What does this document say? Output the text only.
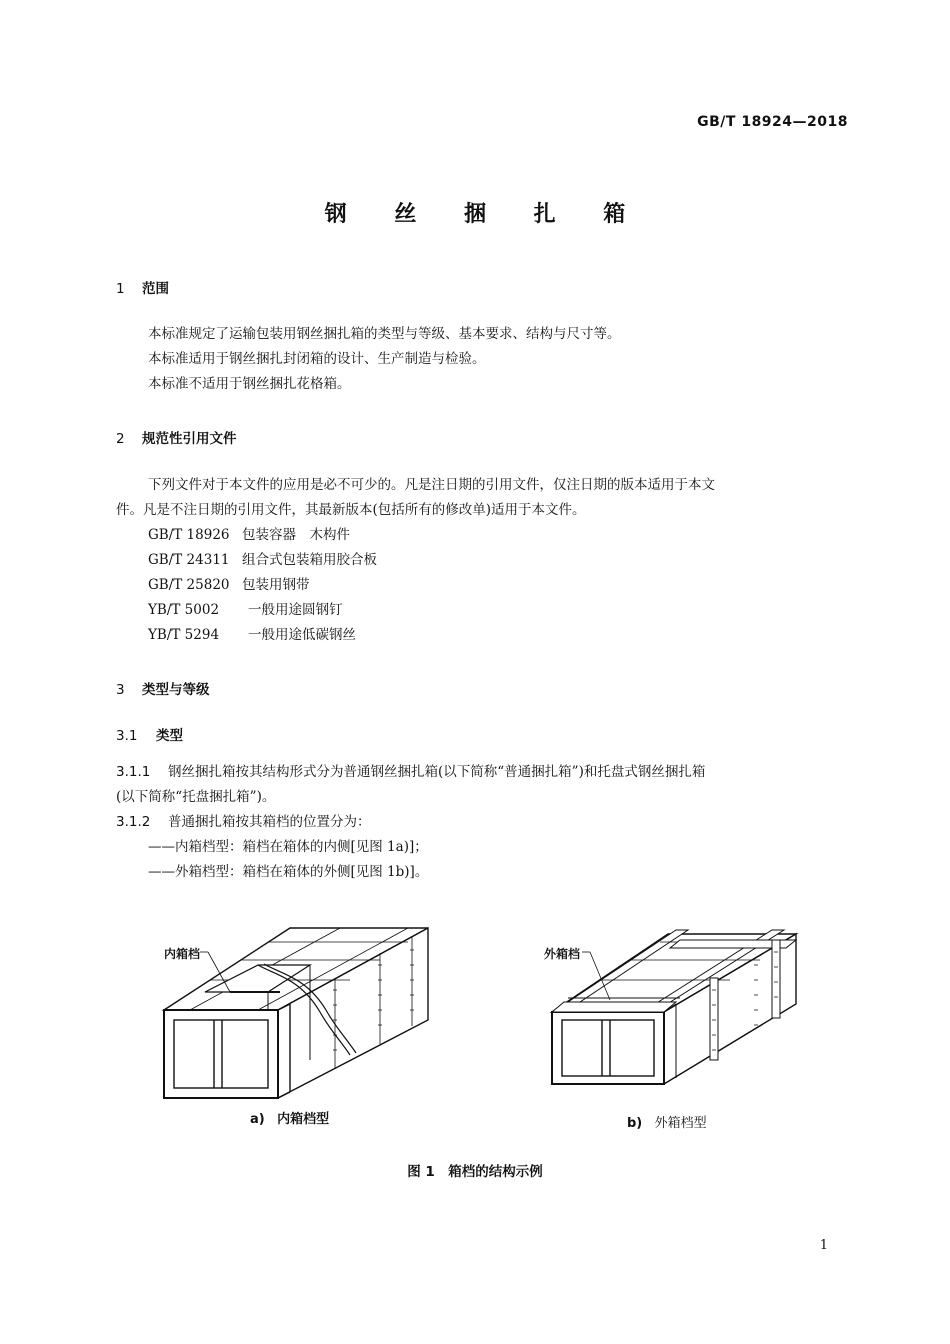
GB/T 18924—2018
钢 丝 捆 扎 箱
1 范围
本标准规定了运输包装用钢丝捆扎箱的类型与等级、基本要求、结构与尺寸等。
本标准适用于钢丝捆扎封闭箱的设计、生产制造与检验。
本标准不适用于钢丝捆扎花格箱。
2 规范性引用文件
下列文件对于本文件的应用是必不可少的。凡是注日期的引用文件，仅注日期的版本适用于本文
件。凡是不注日期的引用文件，其最新版本(包括所有的修改单)适用于本文件。
GB/T 18926 包装容器　木构件
GB/T 24311 组合式包装箱用胶合板
GB/T 25820 包装用钢带
YB/T 5002 一般用途圆钢钉
YB/T 5294 一般用途低碳钢丝
3 类型与等级
3.1 类型
3.1.1 钢丝捆扎箱按其结构形式分为普通钢丝捆扎箱(以下简称“普通捆扎箱”)和托盘式钢丝捆扎箱
(以下简称“托盘捆扎箱”)。
3.1.2 普通捆扎箱按其箱档的位置分为：
——内箱档型：箱档在箱体的内侧[见图 1a)]；
——外箱档型：箱档在箱体的外侧[见图 1b)]。
内箱档
a) 内箱档型
外箱档
b) 外箱档型
图 1　箱档的结构示例
1
